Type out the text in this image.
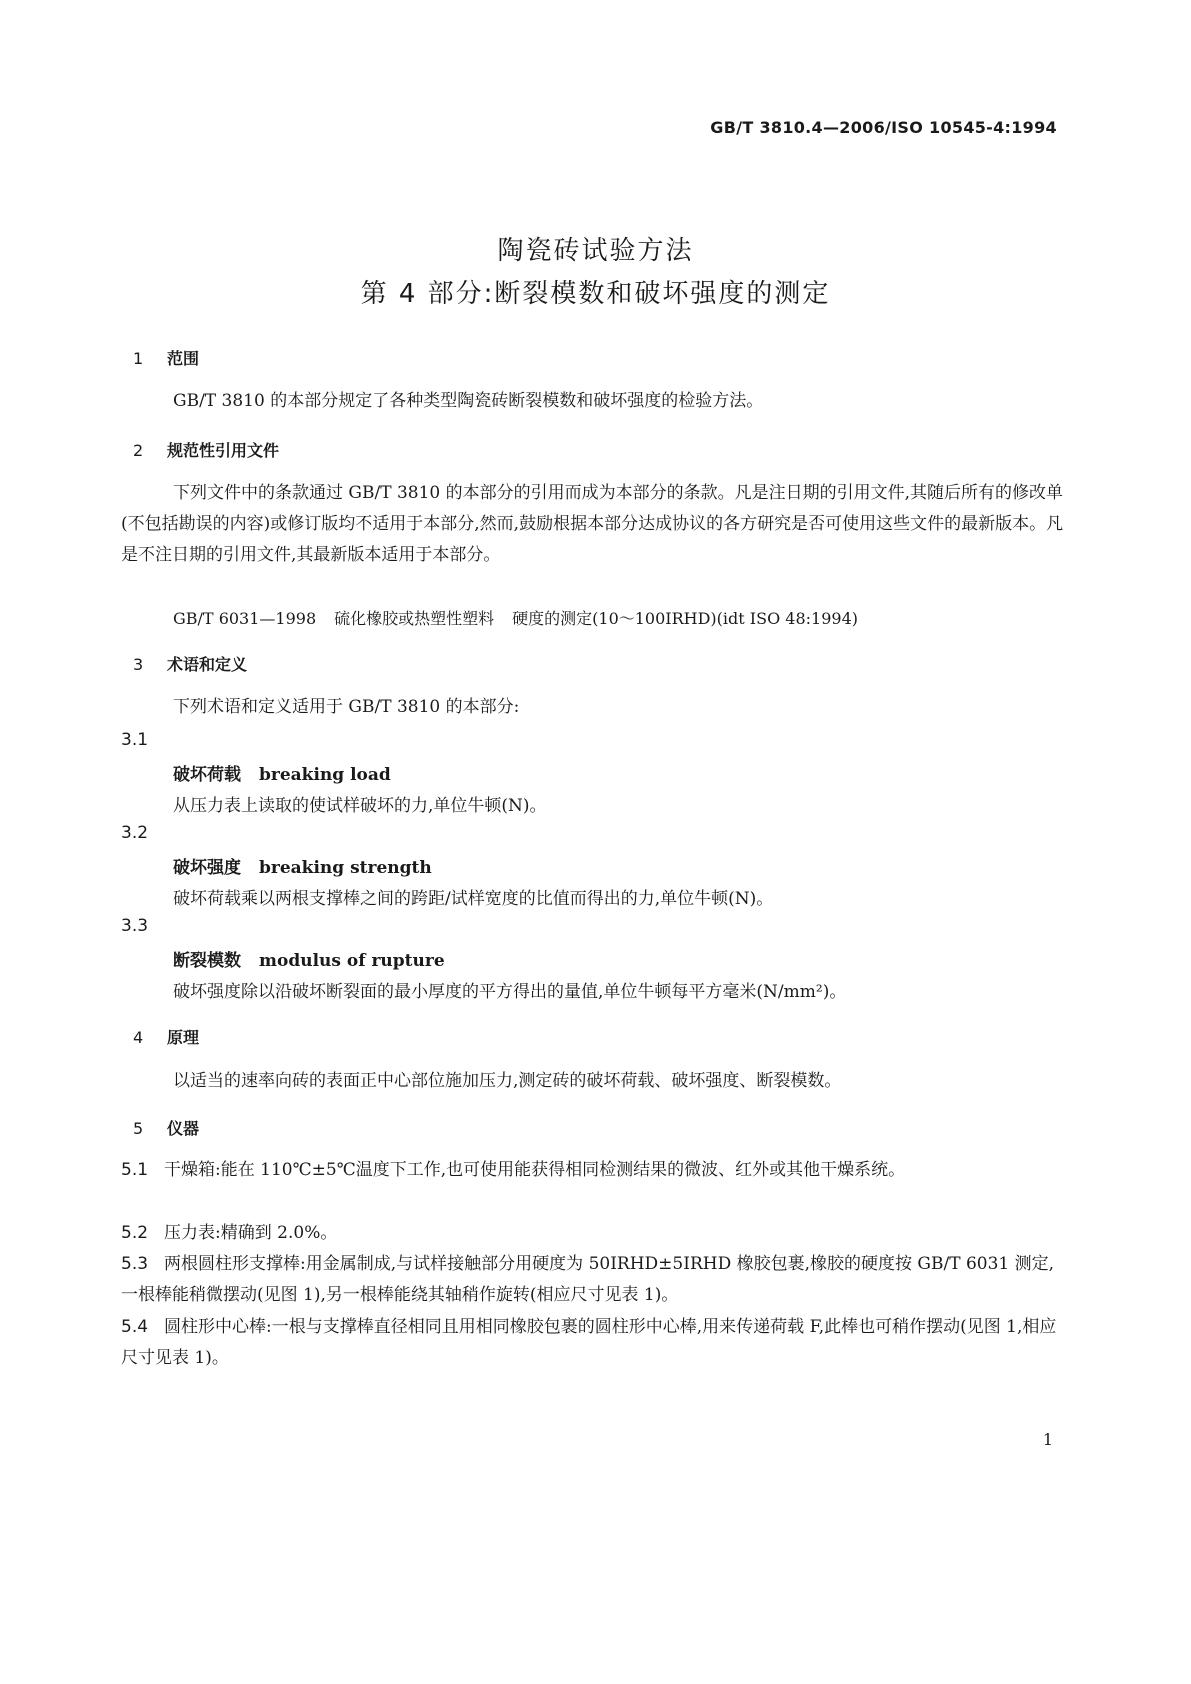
GB/T 3810.4—2006/ISO 10545-4:1994
陶瓷砖试验方法
第 4 部分:断裂模数和破坏强度的测定
1 范围
GB/T 3810 的本部分规定了各种类型陶瓷砖断裂模数和破坏强度的检验方法。
2 规范性引用文件
下列文件中的条款通过 GB/T 3810 的本部分的引用而成为本部分的条款。凡是注日期的引用文件,其随后所有的修改单(不包括勘误的内容)或修订版均不适用于本部分,然而,鼓励根据本部分达成协议的各方研究是否可使用这些文件的最新版本。凡是不注日期的引用文件,其最新版本适用于本部分。
GB/T 6031—1998 硫化橡胶或热塑性塑料 硬度的测定(10～100IRHD)(idt ISO 48:1994)
3 术语和定义
下列术语和定义适用于 GB/T 3810 的本部分:
3.1
破坏荷载 breaking load
从压力表上读取的使试样破坏的力,单位牛顿(N)。
3.2
破坏强度 breaking strength
破坏荷载乘以两根支撑棒之间的跨距/试样宽度的比值而得出的力,单位牛顿(N)。
3.3
断裂模数 modulus of rupture
破坏强度除以沿破坏断裂面的最小厚度的平方得出的量值,单位牛顿每平方毫米(N/mm²)。
4 原理
以适当的速率向砖的表面正中心部位施加压力,测定砖的破坏荷载、破坏强度、断裂模数。
5 仪器
5.1 干燥箱:能在 110℃±5℃温度下工作,也可使用能获得相同检测结果的微波、红外或其他干燥系统。
5.2 压力表:精确到 2.0%。
5.3 两根圆柱形支撑棒:用金属制成,与试样接触部分用硬度为 50IRHD±5IRHD 橡胶包裹,橡胶的硬度按 GB/T 6031 测定,一根棒能稍微摆动(见图 1),另一根棒能绕其轴稍作旋转(相应尺寸见表 1)。
5.4 圆柱形中心棒:一根与支撑棒直径相同且用相同橡胶包裹的圆柱形中心棒,用来传递荷载 F,此棒也可稍作摆动(见图 1,相应尺寸见表 1)。
1
